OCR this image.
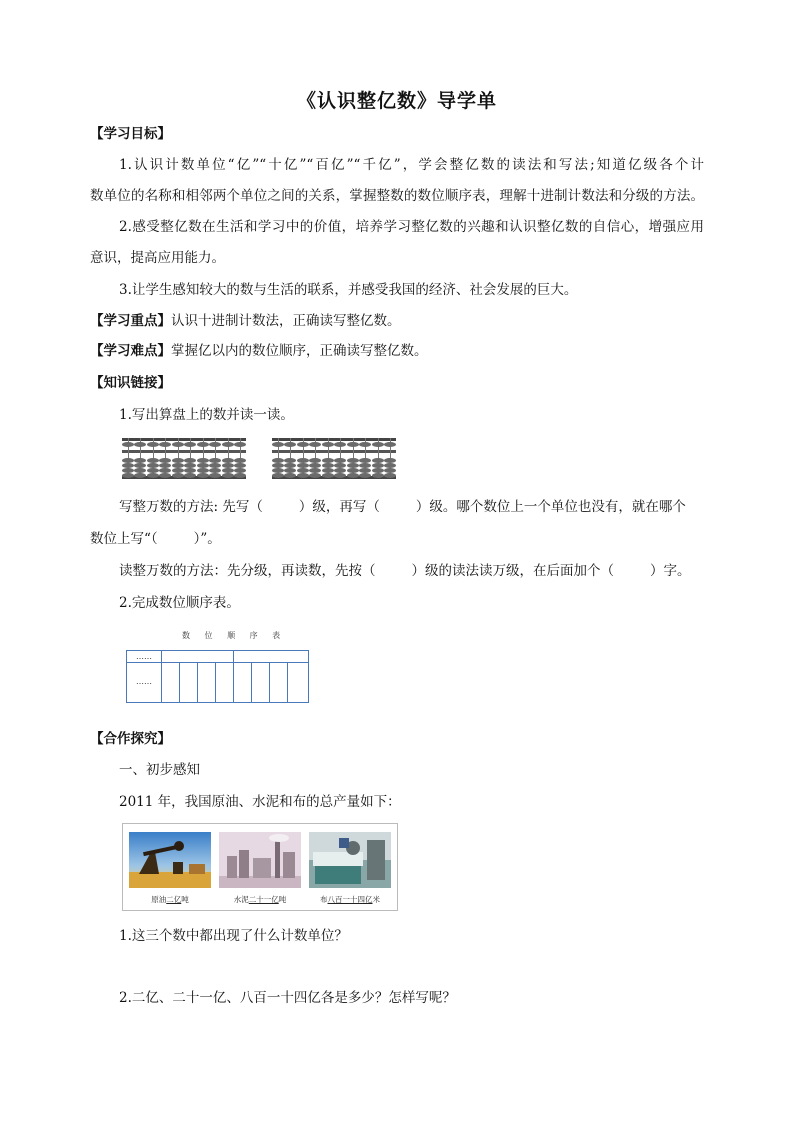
《认识整亿数》导学单
【学习目标】
1.认识计数单位“亿”“十亿”“百亿”“千亿”，学会整亿数的读法和写法;知道亿级各个计
数单位的名称和相邻两个单位之间的关系，掌握整数的数位顺序表，理解十进制计数法和分级的方法。
2.感受整亿数在生活和学习中的价值，培养学习整亿数的兴趣和认识整亿数的自信心，增强应用
意识，提高应用能力。
3.让学生感知较大的数与生活的联系，并感受我国的经济、社会发展的巨大。
【学习重点】认识十进制计数法，正确读写整亿数。
【学习难点】掌握亿以内的数位顺序，正确读写整亿数。
【知识链接】
1.写出算盘上的数并读一读。
写整万数的方法: 先写（	）级，再写（	）级。哪个数位上一个单位也没有，就在哪个
数位上写“（	）”。
读整万数的方法：先分级，再读数，先按（	）级的读法读万级，在后面加个（	）字。
2.完成数位顺序表。
数 位 顺 序 表
……
……
【合作探究】
一、初步感知
2011 年，我国原油、水泥和布的总产量如下：
原油二亿吨	水泥二十一亿吨	布八百一十四亿米
1.这三个数中都出现了什么计数单位？
2.二亿、二十一亿、八百一十四亿各是多少？怎样写呢？
